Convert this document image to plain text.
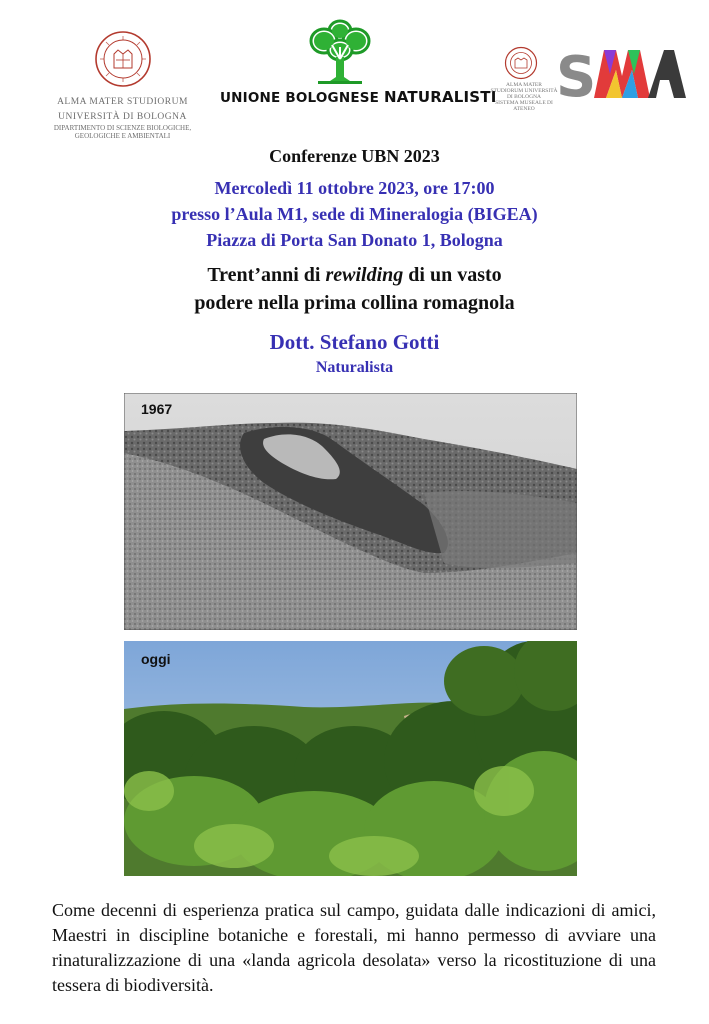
ALMA MATER STUDIORUM
UNIVERSITÀ DI BOLOGNA
DIPARTIMENTO DI SCIENZE BIOLOGICHE, GEOLOGICHE E AMBIENTALI
UNIONE BOLOGNESE NATURALISTI
ALMA MATER STUDIORUM UNIVERSITÀ DI BOLOGNA
SISTEMA MUSEALE DI ATENEO S
Conferenze UBN 2023
Mercoledì 11 ottobre 2023, ore 17:00
presso l’Aula M1, sede di Mineralogia (BIGEA)
Piazza di Porta San Donato 1, Bologna
Trent’anni di rewilding di un vasto
podere nella prima collina romagnola
Dott. Stefano Gotti
Naturalista
1967
oggi
Come decenni di esperienza pratica sul campo, guidata dalle indicazioni di amici, Maestri in discipline botaniche e forestali, mi hanno permesso di avviare una rinaturalizzazione di una «landa agricola desolata» verso la ricostituzione di una tessera di biodiversità.
